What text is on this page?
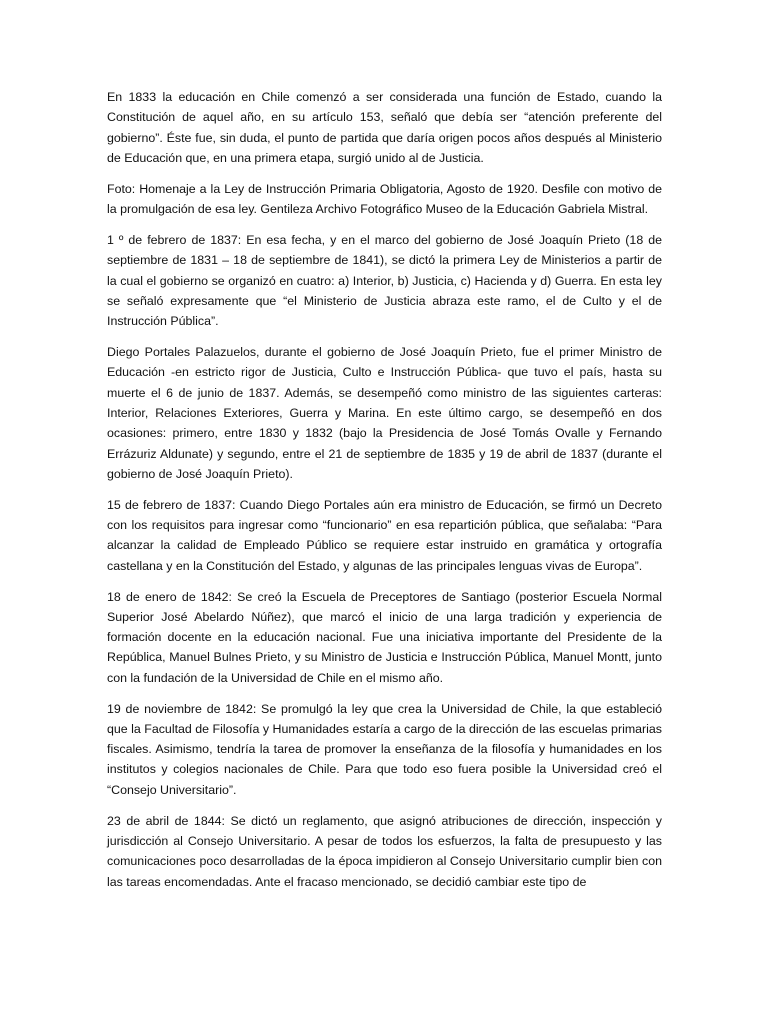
En 1833 la educación en Chile comenzó a ser considerada una función de Estado, cuando la Constitución de aquel año, en su artículo 153, señaló que debía ser “atención preferente del gobierno”. Éste fue, sin duda, el punto de partida que daría origen pocos años después al Ministerio de Educación que, en una primera etapa, surgió unido al de Justicia.

Foto: Homenaje a la Ley de Instrucción Primaria Obligatoria, Agosto de 1920. Desfile con motivo de la promulgación de esa ley. Gentileza Archivo Fotográfico Museo de la Educación Gabriela Mistral.

1 º de febrero de 1837: En esa fecha, y en el marco del gobierno de José Joaquín Prieto (18 de septiembre de 1831 – 18 de septiembre de 1841), se dictó la primera Ley de Ministerios a partir de la cual el gobierno se organizó en cuatro: a) Interior, b) Justicia, c) Hacienda y d) Guerra. En esta ley se señaló expresamente que “el Ministerio de Justicia abraza este ramo, el de Culto y el de Instrucción Pública”.

Diego Portales Palazuelos, durante el gobierno de José Joaquín Prieto, fue el primer Ministro de Educación -en estricto rigor de Justicia, Culto e Instrucción Pública- que tuvo el país, hasta su muerte el 6 de junio de 1837. Además, se desempeñó como ministro de las siguientes carteras: Interior, Relaciones Exteriores, Guerra y Marina. En este último cargo, se desempeñó en dos ocasiones: primero, entre 1830 y 1832 (bajo la Presidencia de José Tomás Ovalle y Fernando Errázuriz Aldunate) y segundo, entre el 21 de septiembre de 1835 y 19 de abril de 1837 (durante el gobierno de José Joaquín Prieto).

15 de febrero de 1837: Cuando Diego Portales aún era ministro de Educación, se firmó un Decreto con los requisitos para ingresar como “funcionario” en esa repartición pública, que señalaba: “Para alcanzar la calidad de Empleado Público se requiere estar instruido en gramática y ortografía castellana y en la Constitución del Estado, y algunas de las principales lenguas vivas de Europa”.

18 de enero de 1842: Se creó la Escuela de Preceptores de Santiago (posterior Escuela Normal Superior José Abelardo Núñez), que marcó el inicio de una larga tradición y experiencia de formación docente en la educación nacional. Fue una iniciativa importante del Presidente de la República, Manuel Bulnes Prieto, y su Ministro de Justicia e Instrucción Pública, Manuel Montt, junto con la fundación de la Universidad de Chile en el mismo año.

19 de noviembre de 1842: Se promulgó la ley que crea la Universidad de Chile, la que estableció que la Facultad de Filosofía y Humanidades estaría a cargo de la dirección de las escuelas primarias fiscales. Asimismo, tendría la tarea de promover la enseñanza de la filosofía y humanidades en los institutos y colegios nacionales de Chile. Para que todo eso fuera posible la Universidad creó el “Consejo Universitario”.

23 de abril de 1844: Se dictó un reglamento, que asignó atribuciones de dirección, inspección y jurisdicción al Consejo Universitario. A pesar de todos los esfuerzos, la falta de presupuesto y las comunicaciones poco desarrolladas de la época impidieron al Consejo Universitario cumplir bien con las tareas encomendadas. Ante el fracaso mencionado, se decidió cambiar este tipo de
